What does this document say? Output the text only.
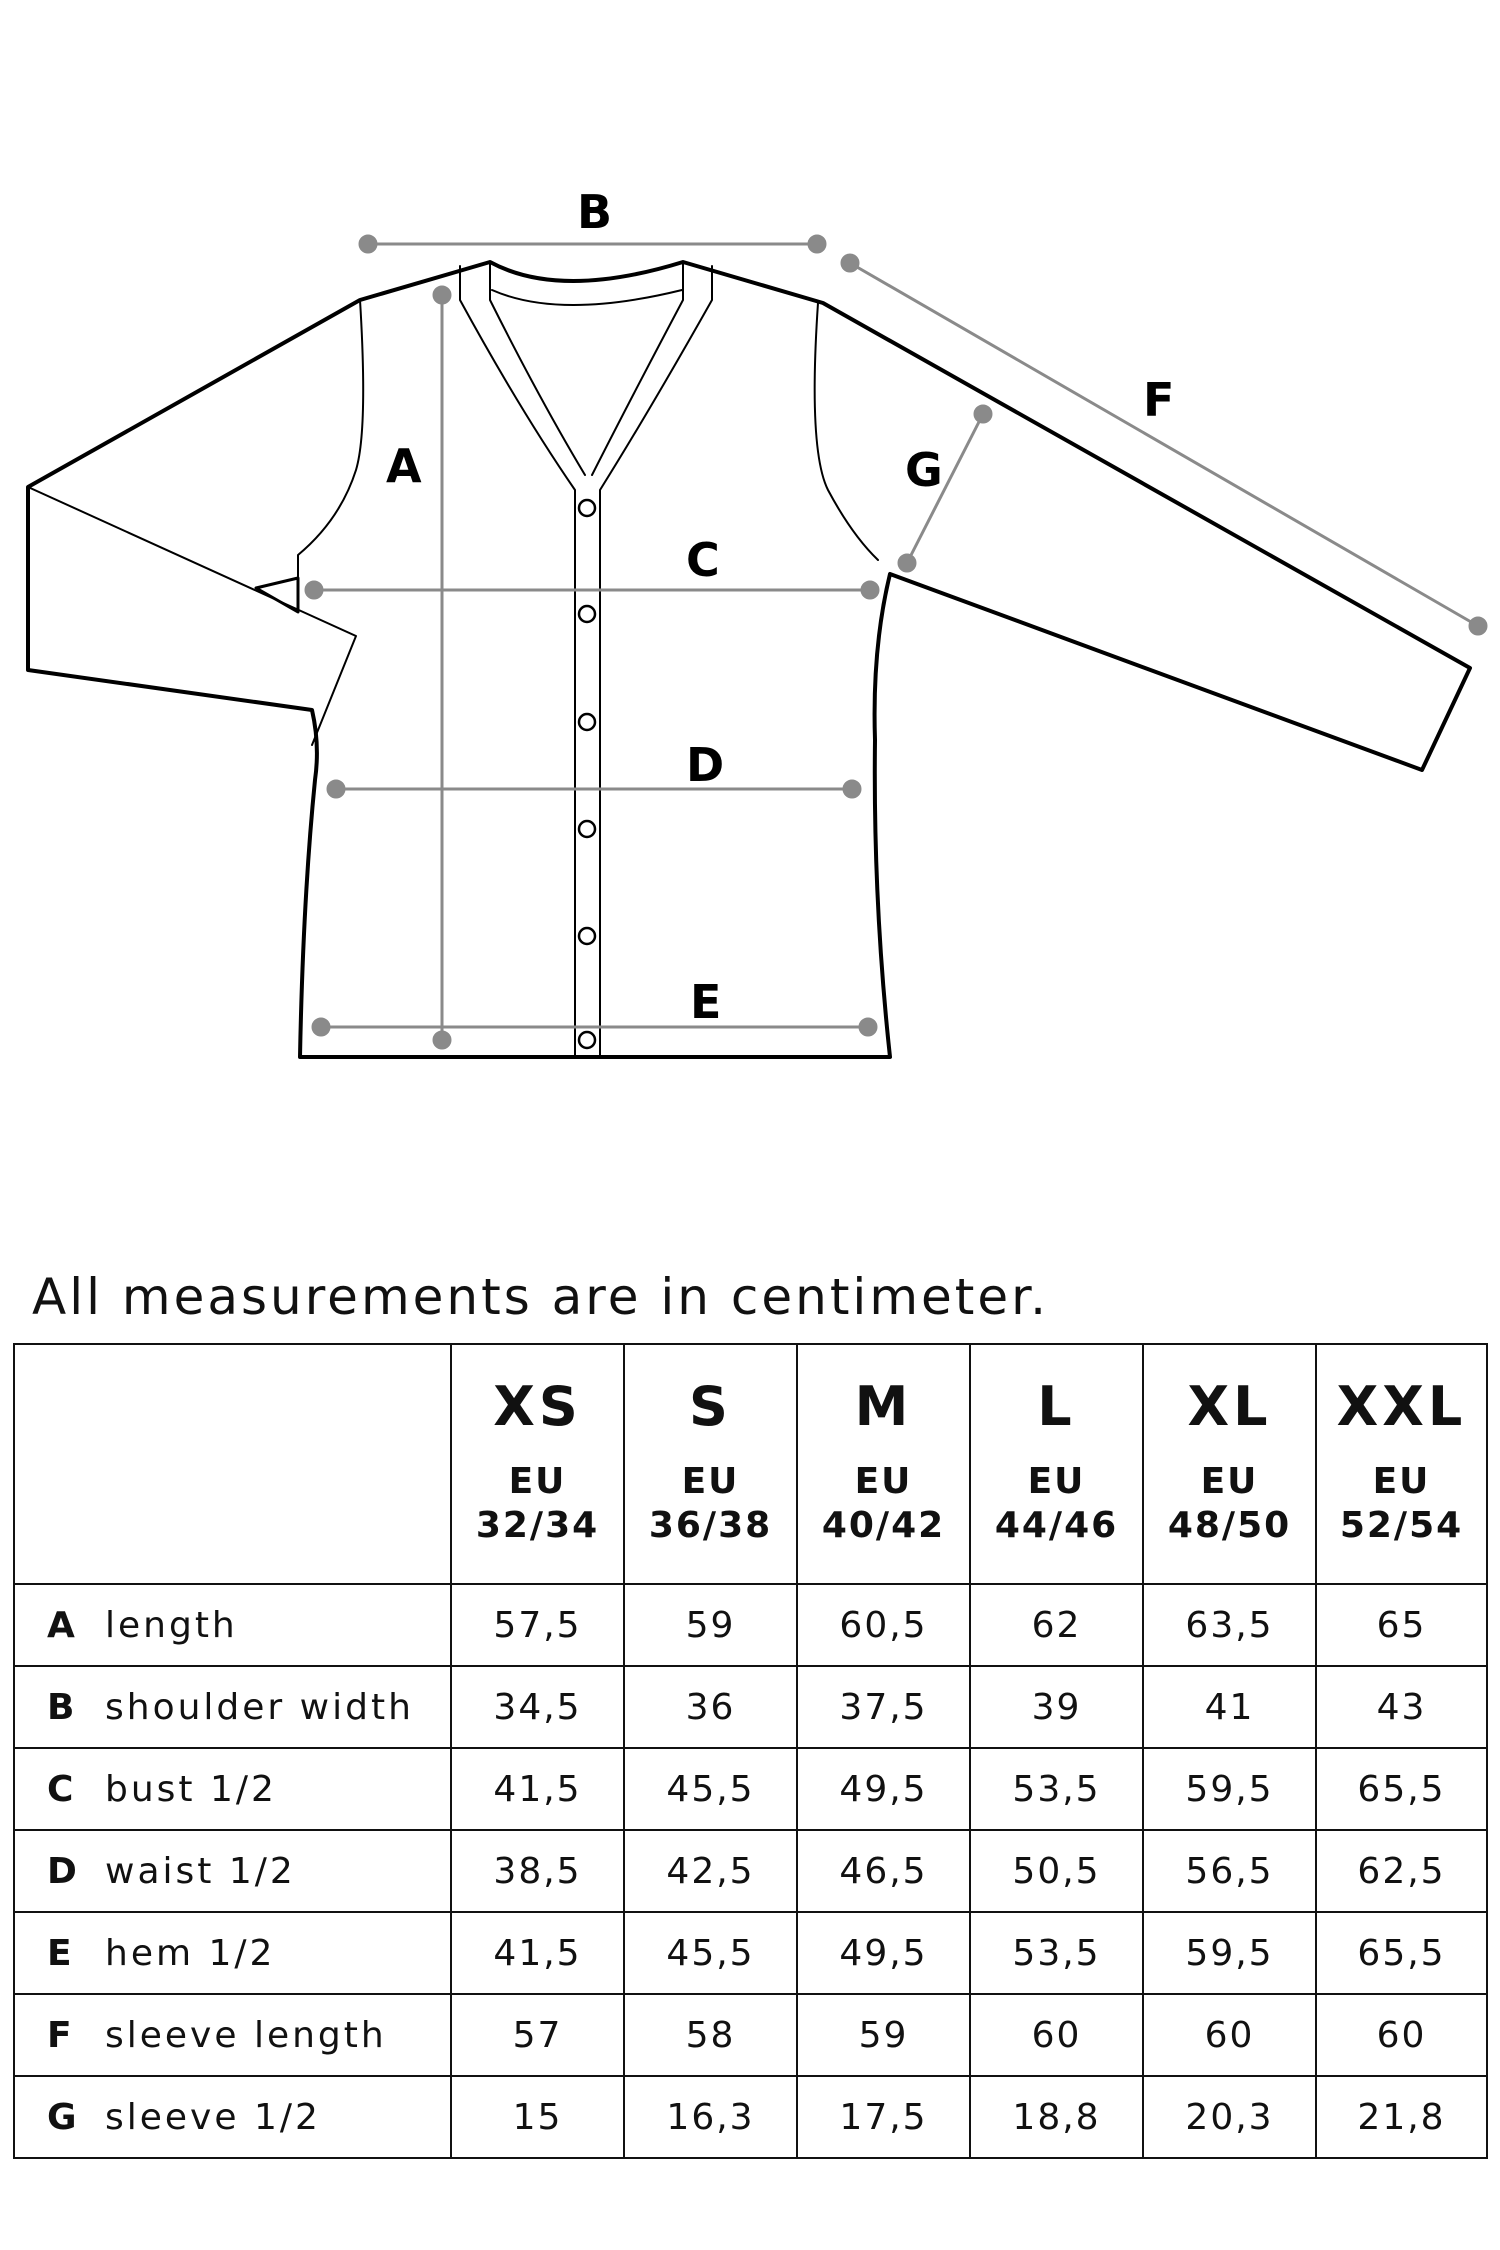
A
B
C
D
E
F
G
All measurements are in centimeter.

	XS
EU
32/34	S
EU
36/38	M
EU
40/42	L
EU
44/46	XL
EU
48/50	XXL
EU
52/54

A length	57,5	59	60,5	62	63,5	65
B shoulder width	34,5	36	37,5	39	41	43
C bust 1/2	41,5	45,5	49,5	53,5	59,5	65,5
D waist 1/2	38,5	42,5	46,5	50,5	56,5	62,5
E hem 1/2	41,5	45,5	49,5	53,5	59,5	65,5
F sleeve length	57	58	59	60	60	60
G sleeve 1/2	15	16,3	17,5	18,8	20,3	21,8
